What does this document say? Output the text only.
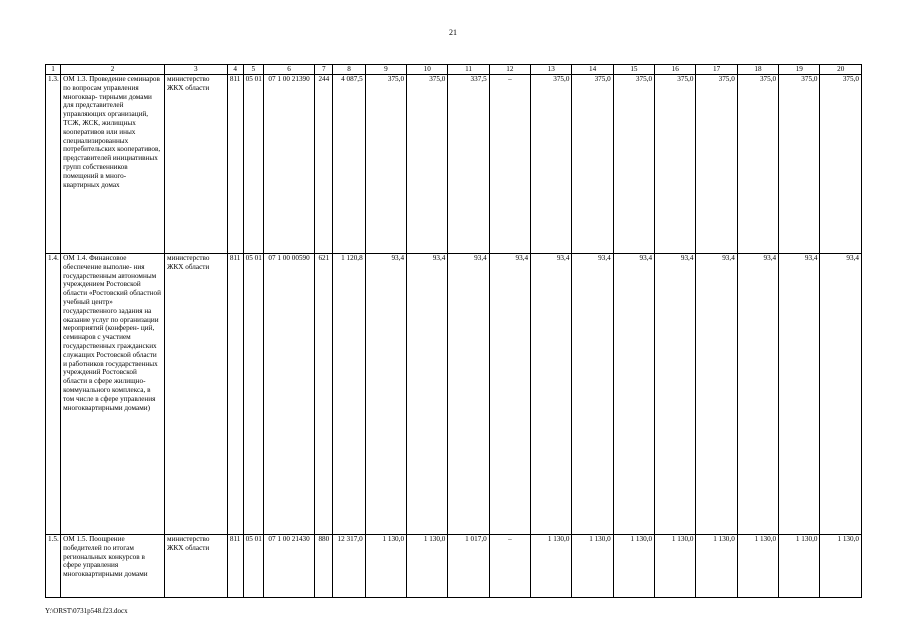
21
1	2	3	4	5	6	7	8	9	10	11	12	13	14	15	16	17	18	19	20
1.3.	ОМ 1.3. Проведение семинаров по вопросам управления многоквар- тирными домами для представителей управляющих организаций, ТСЖ, ЖСК, жилищных кооперативов или иных специализированных потребительских кооперативов, представителей инициативных групп собственников помещений в много- квартирных домах	министерство ЖКХ области	811	05 01	07 1 00 21390	244	4 087,5	375,0	375,0	337,5	–	375,0	375,0	375,0	375,0	375,0	375,0	375,0	375,0
1.4.	ОМ 1.4. Финансовое обеспечение выполне- ния государственным автономным учреждением Ростовской области «Ростовский областной учебный центр» государственного задания на оказание услуг по организации мероприятий (конферен- ций, семинаров с участием государственных гражданских служащих Ростовской области и работников государственных учреждений Ростовской области в сфере жилищно- коммунального комплекса, в том числе в сфере управления многоквартирными домами)	министерство ЖКХ области	811	05 01	07 1 00 00590	621	1 120,8	93,4	93,4	93,4	93,4	93,4	93,4	93,4	93,4	93,4	93,4	93,4	93,4
1.5.	ОМ 1.5. Поощрение победителей по итогам региональных конкурсов в сфере управления многоквартирными домами	министерство ЖКХ области	811	05 01	07 1 00 21430	880	12 317,0	1 130,0	1 130,0	1 017,0	–	1 130,0	1 130,0	1 130,0	1 130,0	1 130,0	1 130,0	1 130,0	1 130,0
Y:\ORST\0731p548.f23.docx
